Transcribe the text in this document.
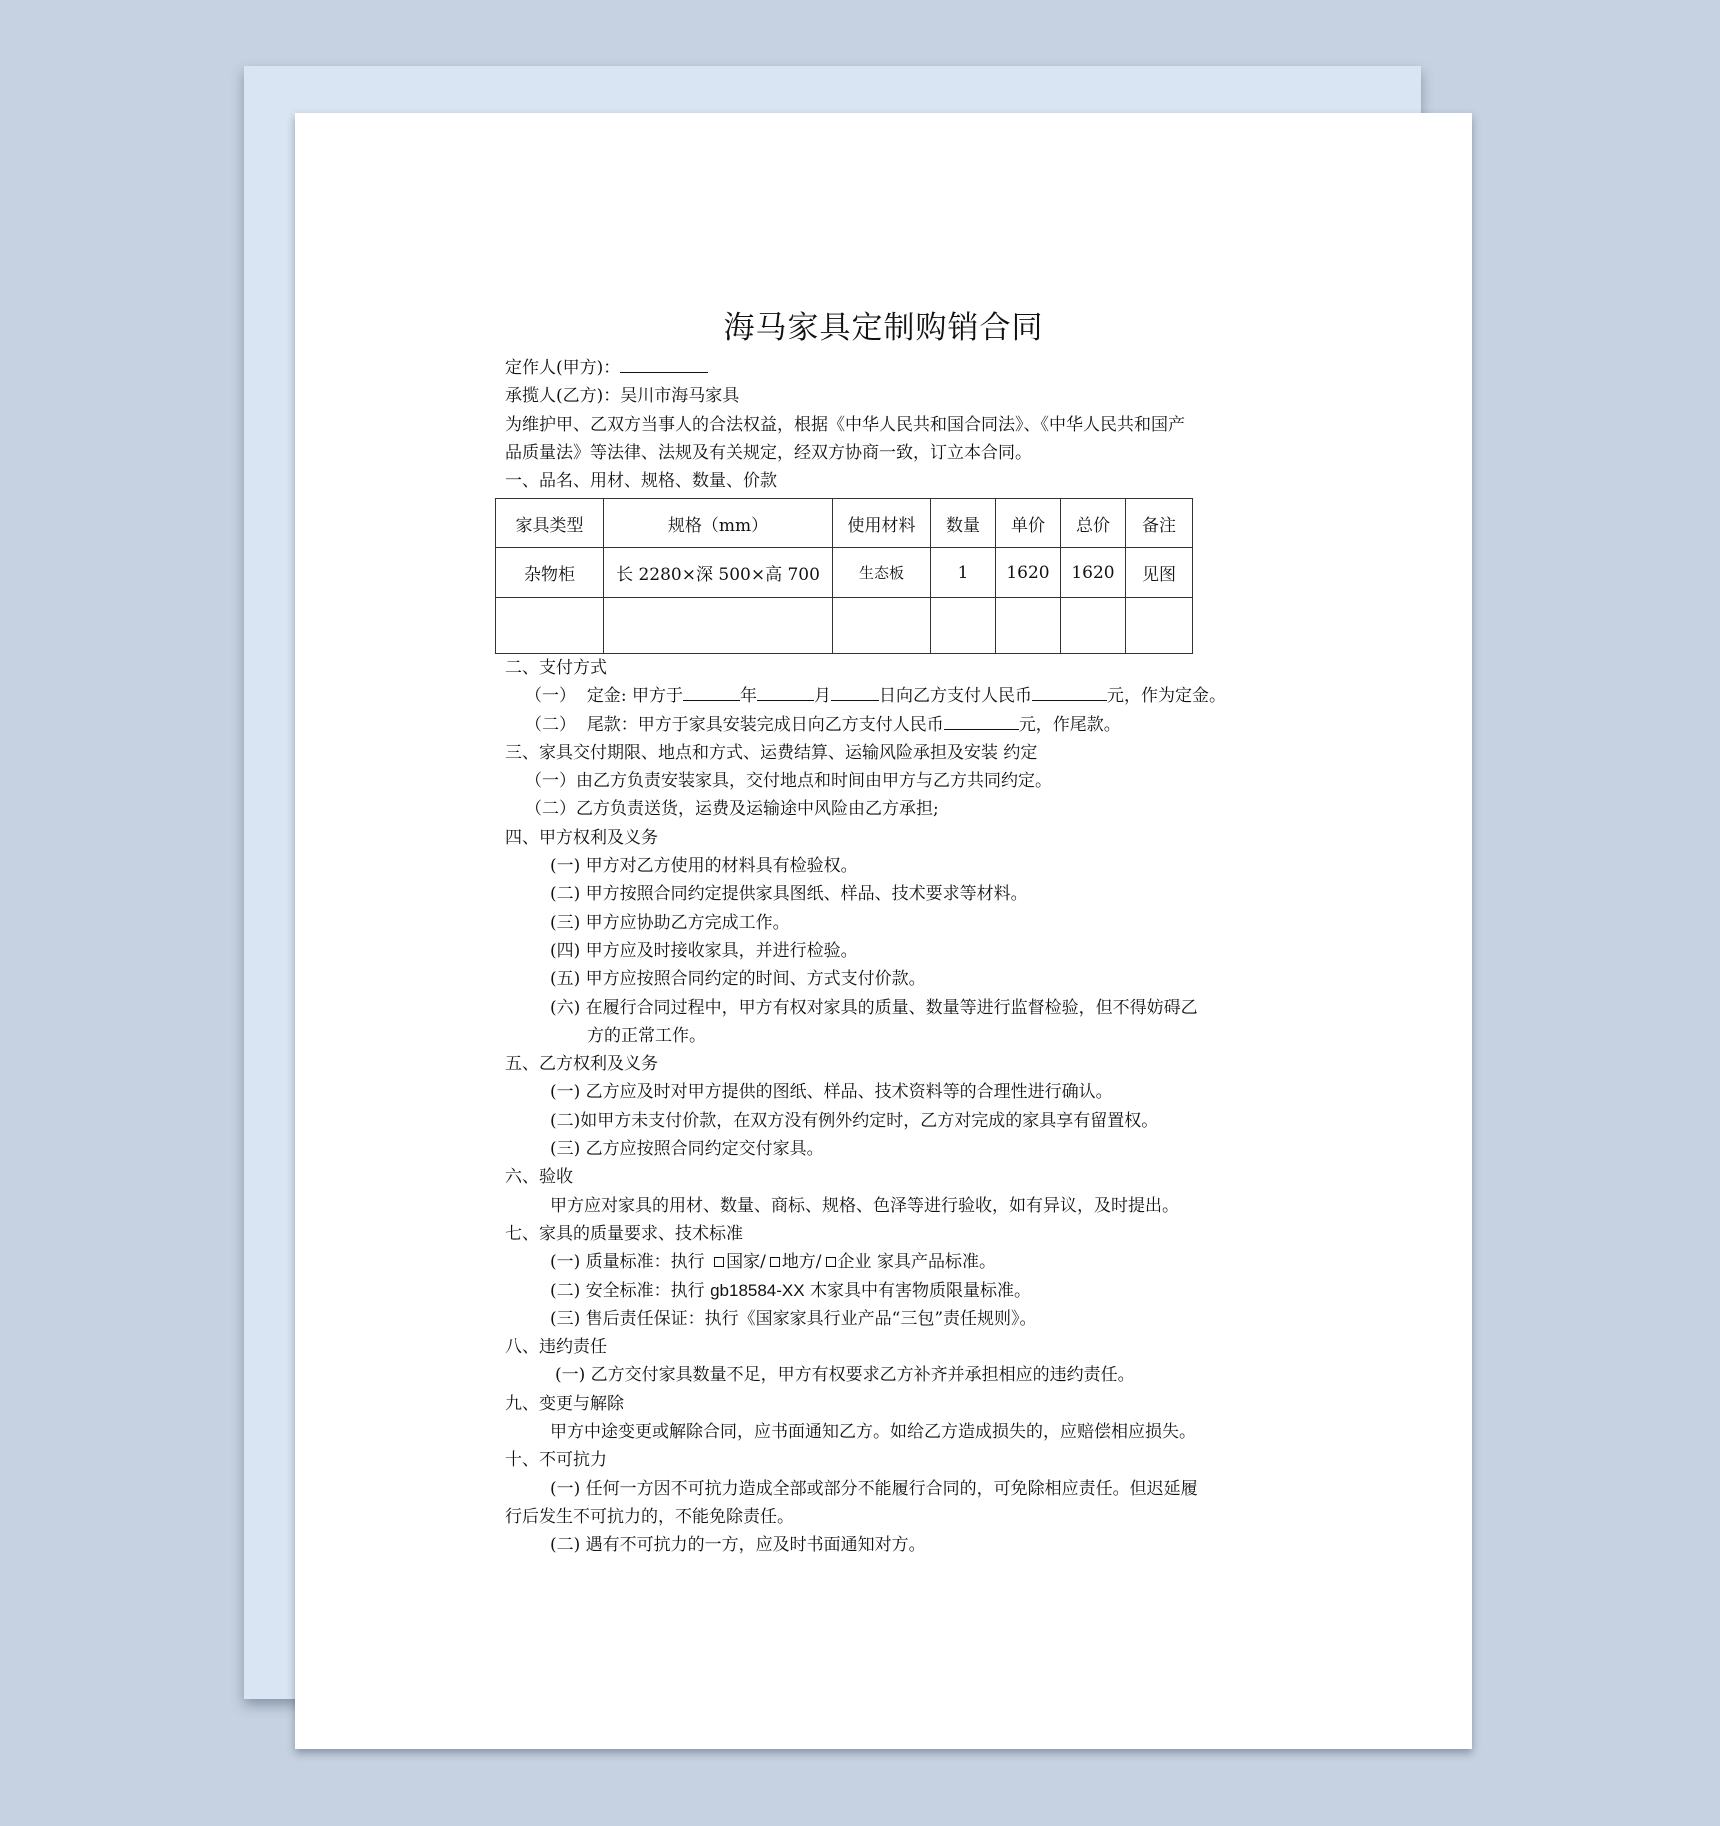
海马家具定制购销合同
定作人(甲方)：
承揽人(乙方)：吴川市海马家具
为维护甲、乙双方当事人的合法权益，根据《中华人民共和国合同法》、《中华人民共和国产
品质量法》等法律、法规及有关规定，经双方协商一致，订立本合同。
一、品名、用材、规格、数量、价款
家具类型	规格（mm）	使用材料	数量	单价	总价	备注
杂物柜	长 2280×深 500×高 700	生态板	1	1620	1620	见图

二、支付方式
（一） 定金: 甲方于	年	月	日向乙方支付人民币	元，作为定金。
（二） 尾款：甲方于家具安装完成日向乙方支付人民币	元，作尾款。
三、家具交付期限、地点和方式、运费结算、运输风险承担及安装 约定
（一）由乙方负责安装家具，交付地点和时间由甲方与乙方共同约定。
（二）乙方负责送货，运费及运输途中风险由乙方承担;
四、甲方权利及义务
(一) 甲方对乙方使用的材料具有检验权。
(二) 甲方按照合同约定提供家具图纸、样品、技术要求等材料。
(三) 甲方应协助乙方完成工作。
(四) 甲方应及时接收家具，并进行检验。
(五) 甲方应按照合同约定的时间、方式支付价款。
(六) 在履行合同过程中，甲方有权对家具的质量、数量等进行监督检验，但不得妨碍乙
方的正常工作。
五、乙方权利及义务
(一) 乙方应及时对甲方提供的图纸、样品、技术资料等的合理性进行确认。
(二)如甲方未支付价款，在双方没有例外约定时，乙方对完成的家具享有留置权。
(三) 乙方应按照合同约定交付家具。
六、验收
甲方应对家具的用材、数量、商标、规格、色泽等进行验收，如有异议，及时提出。
七、家具的质量要求、技术标准
(一) 质量标准：执行 国家/ 地方/ 企业 家具产品标准。
(二) 安全标准：执行 gb18584-XX 木家具中有害物质限量标准。
(三) 售后责任保证：执行《国家家具行业产品“三包”责任规则》。
八、违约责任
(一) 乙方交付家具数量不足，甲方有权要求乙方补齐并承担相应的违约责任。
九、变更与解除
甲方中途变更或解除合同，应书面通知乙方。如给乙方造成损失的，应赔偿相应损失。
十、不可抗力
(一) 任何一方因不可抗力造成全部或部分不能履行合同的，可免除相应责任。但迟延履
行后发生不可抗力的，不能免除责任。
(二) 遇有不可抗力的一方，应及时书面通知对方。
